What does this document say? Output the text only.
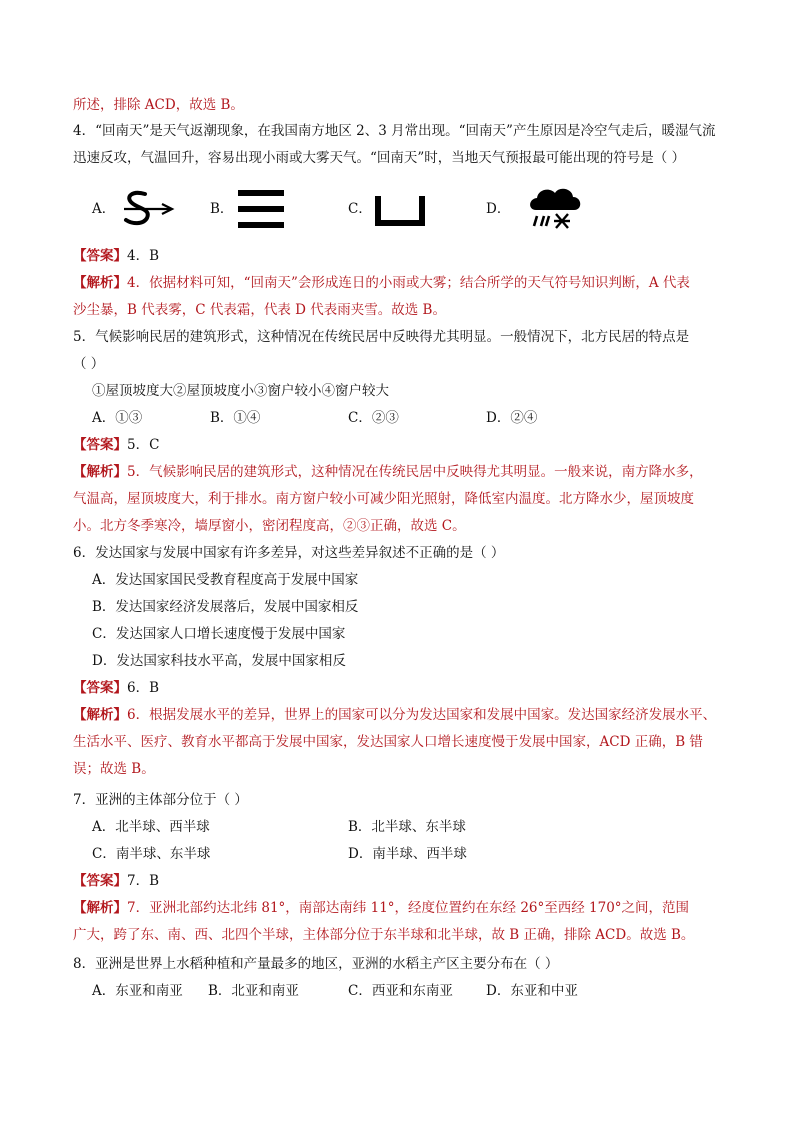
所述，排除 ACD，故选 B。
4．“回南天”是天气返潮现象，在我国南方地区 2、3 月常出现。“回南天”产生原因是冷空气走后，暖湿气流
迅速反攻，气温回升，容易出现小雨或大雾天气。“回南天”时，当地天气预报最可能出现的符号是（ ）
A．	B．	C．	D．
【答案】4．B
【解析】4．依据材料可知，“回南天”会形成连日的小雨或大雾；结合所学的天气符号知识判断，A 代表
沙尘暴，B 代表雾，C 代表霜，代表 D 代表雨夹雪。故选 B。
5．气候影响民居的建筑形式，这种情况在传统民居中反映得尤其明显。一般情况下，北方民居的特点是
（ ）
①屋顶坡度大②屋顶坡度小③窗户较小④窗户较大
A．①③	B．①④	C．②③	D．②④
【答案】5．C
【解析】5．气候影响民居的建筑形式，这种情况在传统民居中反映得尤其明显。一般来说，南方降水多，
气温高，屋顶坡度大，利于排水。南方窗户较小可减少阳光照射，降低室内温度。北方降水少，屋顶坡度
小。北方冬季寒冷，墙厚窗小，密闭程度高，②③正确，故选 C。
6．发达国家与发展中国家有许多差异，对这些差异叙述不正确的是（ ）
A．发达国家国民受教育程度高于发展中国家
B．发达国家经济发展落后，发展中国家相反
C．发达国家人口增长速度慢于发展中国家
D．发达国家科技水平高，发展中国家相反
【答案】6．B
【解析】6．根据发展水平的差异，世界上的国家可以分为发达国家和发展中国家。发达国家经济发展水平、
生活水平、医疗、教育水平都高于发展中国家，发达国家人口增长速度慢于发展中国家，ACD 正确，B 错
误；故选 B。
7．亚洲的主体部分位于（ ）
A．北半球、西半球	B．北半球、东半球
C．南半球、东半球	D．南半球、西半球
【答案】7．B
【解析】7．亚洲北部约达北纬 81°，南部达南纬 11°，经度位置约在东经 26°至西经 170°之间，范围
广大，跨了东、南、西、北四个半球，主体部分位于东半球和北半球，故 B 正确，排除 ACD。故选 B。
8．亚洲是世界上水稻种植和产量最多的地区，亚洲的水稻主产区主要分布在（ ）
A．东亚和南亚 B．北亚和南亚	C．西亚和东南亚 D．东亚和中亚
